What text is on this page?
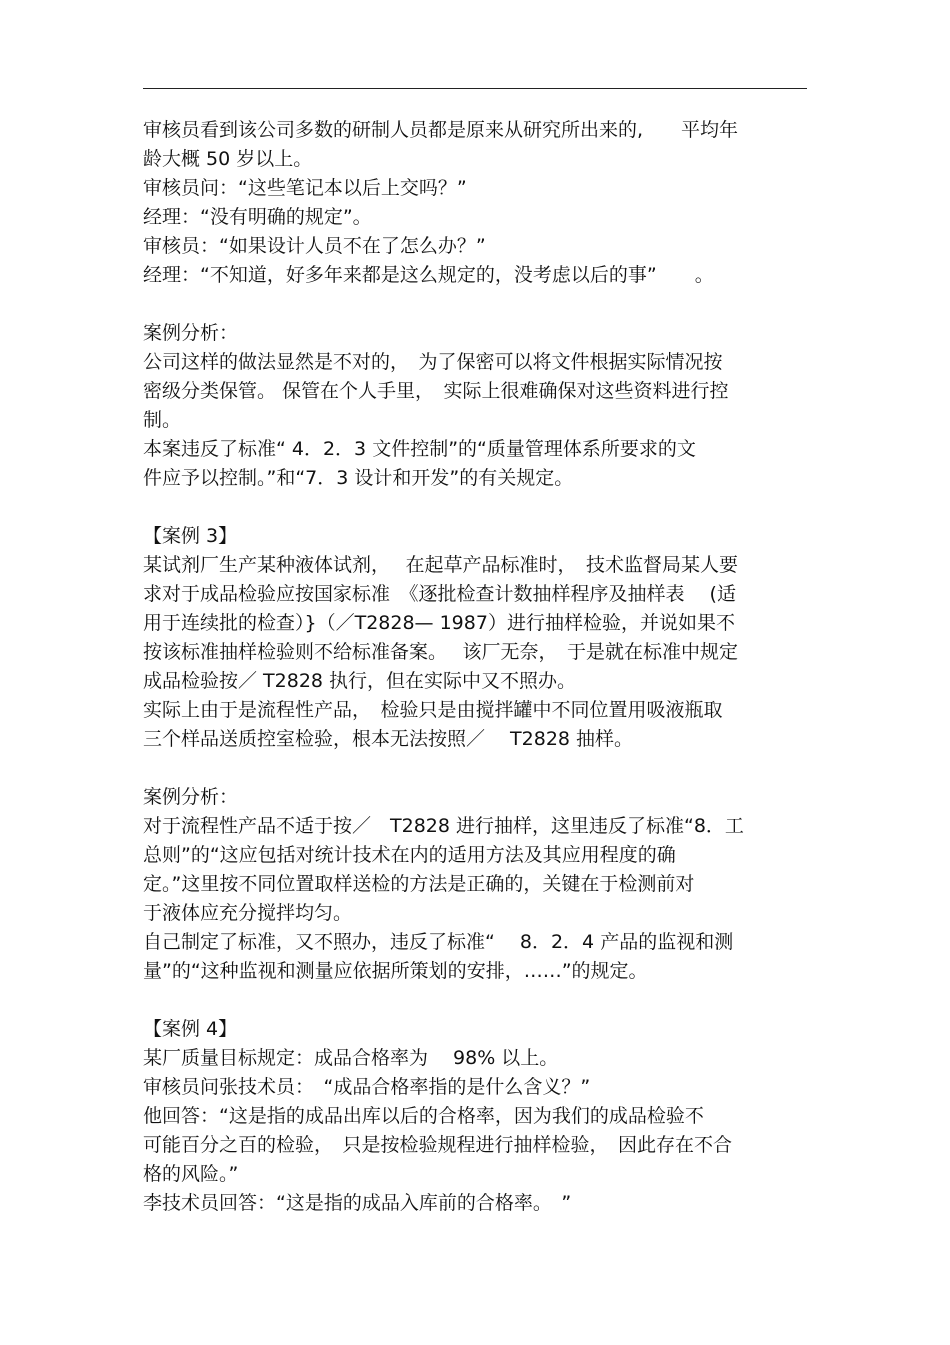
审核员看到该公司多数的研制人员都是原来从研究所出来的,　　平均年
龄大概 50 岁以上。
审核员问：“这些笔记本以后上交吗？”
经理：“没有明确的规定”。
审核员：“如果设计人员不在了怎么办？”
经理：“不知道，好多年来都是这么规定的，没考虑以后的事”　　。
案例分析：
公司这样的做法显然是不对的，　为了保密可以将文件根据实际情况按
密级分类保管。 保管在个人手里，　实际上很难确保对这些资料进行控
制。
本案违反了标准“ 4．2．3 文件控制”的“质量管理体系所要求的文
件应予以控制。”和“7．3 设计和开发”的有关规定。
【案例 3】
某试剂厂生产某种液体试剂，　 在起草产品标准时，　技术监督局某人要
求对于成品检验应按国家标准　《逐批检查计数抽样程序及抽样表　 (适
用于连续批的检查）}（／T2828— 1987）进行抽样检验，并说如果不
按该标准抽样检验则不给标准备案。　 该厂无奈，　于是就在标准中规定
成品检验按／ T2828 执行，但在实际中又不照办。
实际上由于是流程性产品，　检验只是由搅拌罐中不同位置用吸液瓶取
三个样品送质控室检验，根本无法按照／　 T2828 抽样。
案例分析：
对于流程性产品不适于按／　T2828 进行抽样，这里违反了标准“8．工
总则”的“这应包括对统计技术在内的适用方法及其应用程度的确
定。”这里按不同位置取样送检的方法是正确的，关键在于检测前对
于液体应充分搅拌均匀。
自己制定了标准，又不照办，违反了标准“　 8．2．4 产品的监视和测
量”的“这种监视和测量应依据所策划的安排，……”的规定。
【案例 4】
某厂质量目标规定：成品合格率为　 98% 以上。
审核员问张技术员：　“成品合格率指的是什么含义？”
他回答：“这是指的成品出库以后的合格率，因为我们的成品检验不
可能百分之百的检验，　只是按检验规程进行抽样检验，　因此存在不合
格的风险。”
李技术员回答：“这是指的成品入库前的合格率。　”
